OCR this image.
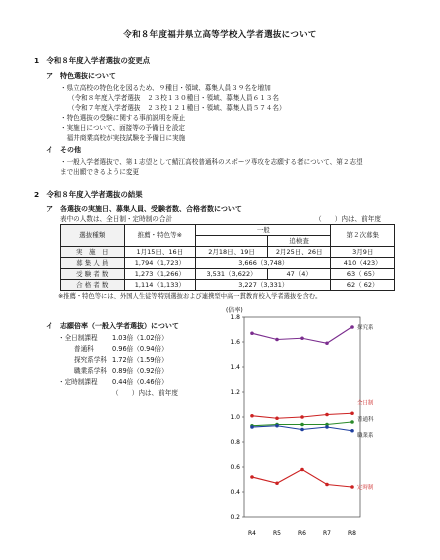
令和８年度福井県立高等学校入学者選抜について
1　令和８年度入学者選抜の変更点
ア　特色選抜について
・県立高校の特色化を図るため、９種目・領域、募集人員３９名を増加
（令和８年度入学者選抜　２３校１３０種目・領域、募集人員６１３名
（令和７年度入学者選抜　２３校１２１種目・領域、募集人員５７４名）
・特色選抜の受験に関する事前説明を廃止
・実施日について、面接等の予備日を設定
　福井商業高校が実技試験を予備日に実施
イ　その他
・一般入学者選抜で、第１志望として鯖江高校普通科のスポーツ専攻を志願する者について、第２志望
まで出願できるように変更
2　令和８年度入学者選抜の結果
ア　各選抜の実施日、募集人員、受験者数、合格者数について
表中の人数は、全日制・定時制の合計	（　　）内は、前年度
選抜種類	推薦・特色等※	一般		第２次募集
			追検査	
実　施　日	1月15日、16日	2月18日、19日	2月25日、26日	3月9日
募 集 人 員	1,794（1,723）	3,666（3,748）		410（423）
受 験 者 数	1,273（1,266）	3,531（3,622）	47（4）	63（ 65）
合 格 者 数	1,114（1,133）	3,227（3,331）		62（ 62）
※推薦・特色等には、外国人生徒等特別選抜および連携型中高一貫教育校入学者選抜を含む。
イ　志願倍率（一般入学者選抜）について
・全日制課程 1.03倍（1.02倍）
普通科	0.96倍（0.94倍）
探究系学科 1.72倍（1.59倍）
職業系学科 0.89倍（0.92倍）
・定時制課程 0.44倍（0.46倍）
（　　）内は、前年度
(倍率)
0.2
0.4
0.6
0.8
1.0
1.2
1.4
1.6
1.8
R4	R5	R6	R7	R8
探究系
全日制
普通科
職業系
定時制
